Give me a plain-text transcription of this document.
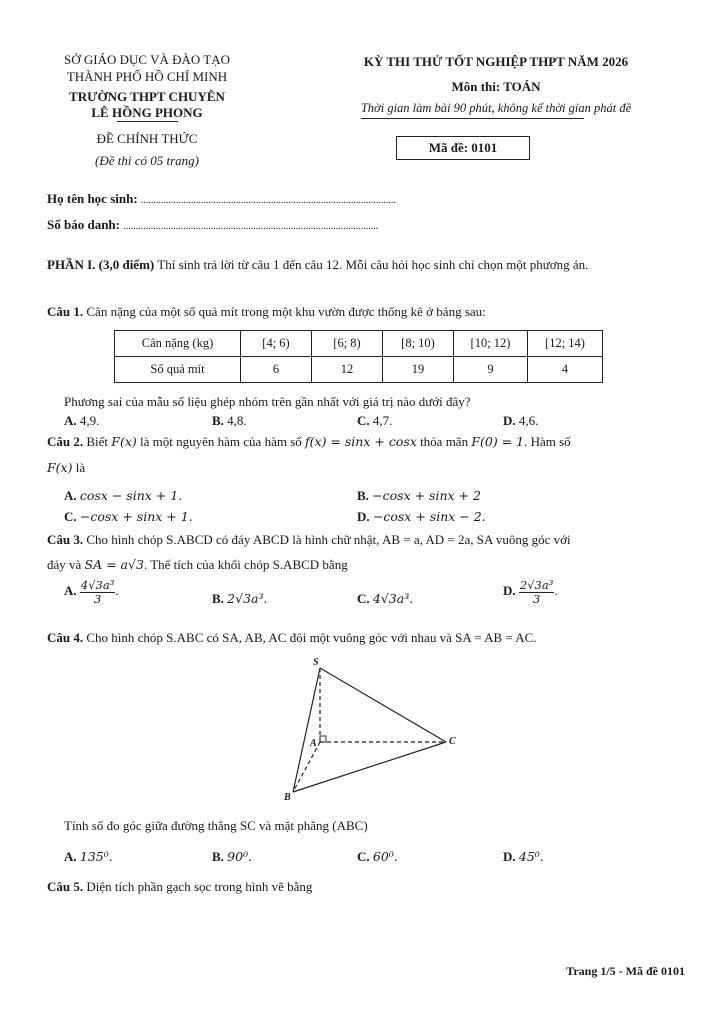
SỞ GIÁO DỤC VÀ ĐÀO TẠO
THÀNH PHỐ HỒ CHÍ MINH
TRƯỜNG THPT CHUYÊN
LÊ HỒNG PHONG
ĐỀ CHÍNH THỨC
(Đề thi có 05 trang)
KỲ THI THỬ TỐT NGHIỆP THPT NĂM 2026
Môn thi: TOÁN
Thời gian làm bài 90 phút, không kể thời gian phát đề
Mã đề: 0101
Họ tên học sinh: ......................................................................................................
Số báo danh: ......................................................................................................
PHẦN I. (3,0 điểm) Thí sinh trả lời từ câu 1 đến câu 12. Mỗi câu hỏi học sinh chỉ chọn một phương án.
Câu 1. Cân nặng của một số quả mít trong một khu vườn được thống kê ở bảng sau:
Cân nặng (kg)	[4; 6)	[6; 8)	[8; 10)	[10; 12)	[12; 14)
Số quả mít	6	12	19	9	4
Phương sai của mẫu số liệu ghép nhóm trên gần nhất với giá trị nào dưới đây?
A. 4,9.	B. 4,8.	C. 4,7.	D. 4,6.
Câu 2. Biết F(x) là một nguyên hàm của hàm số f(x) = sinx + cosx thỏa mãn F(0) = 1. Hàm số
F(x) là
A. cosx − sinx + 1.	B. −cosx + sinx + 2
C. −cosx + sinx + 1.	D. −cosx + sinx − 2.
Câu 3. Cho hình chóp S.ABCD có đáy ABCD là hình chữ nhật, AB = a, AD = 2a, SA vuông góc với
đáy và SA = a√3. Thể tích của khối chóp S.ABCD bằng
A. $\frac{\text{4√3a³}}{3}$ .
B. 2√3a³.	C. 4√3a³.
D. $\frac{\text{2√3a³}}{3}$ .
Câu 4. Cho hình chóp S.ABC có SA, AB, AC đôi một vuông góc với nhau và SA = AB = AC.
S
A
B
C
Tính số đo góc giữa đường thẳng SC và mặt phẳng (ABC)
A. 135⁰.	B. 90⁰.	C. 60⁰.	D. 45⁰.
Câu 5. Diện tích phần gạch sọc trong hình vẽ bằng
Trang 1/5 - Mã đề 0101
